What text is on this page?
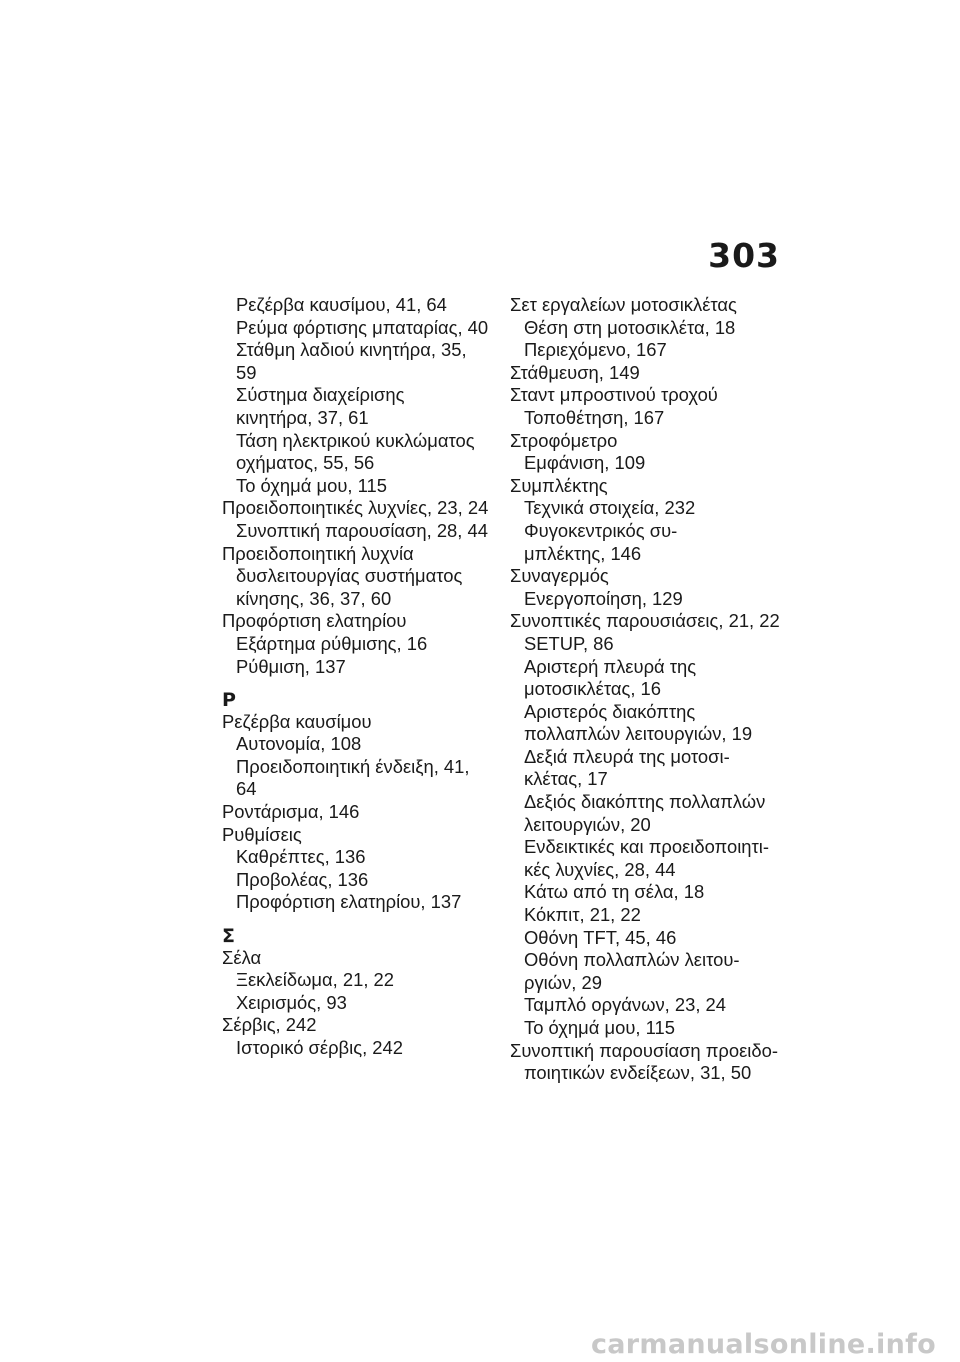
303
Ρεζέρβα καυσίμου, 41, 64
Ρεύμα φόρτισης μπαταρίας, 40
Στάθμη λαδιού κινητήρα, 35,
59
Σύστημα διαχείρισης
κινητήρα, 37, 61
Τάση ηλεκτρικού κυκλώματος
οχήματος, 55, 56
Το όχημά μου, 115
Προειδοποιητικές λυχνίες, 23, 24
Συνοπτική παρουσίαση, 28, 44
Προειδοποιητική λυχνία
δυσλειτουργίας συστήματος
κίνησης, 36, 37, 60
Προφόρτιση ελατηρίου
Εξάρτημα ρύθμισης, 16
Ρύθμιση, 137
Ρ
Ρεζέρβα καυσίμου
Αυτονομία, 108
Προειδοποιητική ένδειξη, 41,
64
Ροντάρισμα, 146
Ρυθμίσεις
Καθρέπτες, 136
Προβολέας, 136
Προφόρτιση ελατηρίου, 137
Σ
Σέλα
Ξεκλείδωμα, 21, 22
Χειρισμός, 93
Σέρβις, 242
Ιστορικό σέρβις, 242
Σετ εργαλείων μοτοσικλέτας
Θέση στη μοτοσικλέτα, 18
Περιεχόμενο, 167
Στάθμευση, 149
Σταντ μπροστινού τροχού
Τοποθέτηση, 167
Στροφόμετρο
Εμφάνιση, 109
Συμπλέκτης
Τεχνικά στοιχεία, 232
Φυγοκεντρικός συ-
μπλέκτης, 146
Συναγερμός
Ενεργοποίηση, 129
Συνοπτικές παρουσιάσεις, 21, 22
SETUP, 86
Αριστερή πλευρά της
μοτοσικλέτας, 16
Αριστερός διακόπτης
πολλαπλών λειτουργιών, 19
Δεξιά πλευρά της μοτοσι-
κλέτας, 17
Δεξιός διακόπτης πολλαπλών
λειτουργιών, 20
Ενδεικτικές και προειδοποιητι-
κές λυχνίες, 28, 44
Κάτω από τη σέλα, 18
Κόκπιτ, 21, 22
Οθόνη TFT, 45, 46
Οθόνη πολλαπλών λειτου-
ργιών, 29
Ταμπλό οργάνων, 23, 24
Το όχημά μου, 115
Συνοπτική παρουσίαση προειδο-
ποιητικών ενδείξεων, 31, 50
carmanualsonline.info
